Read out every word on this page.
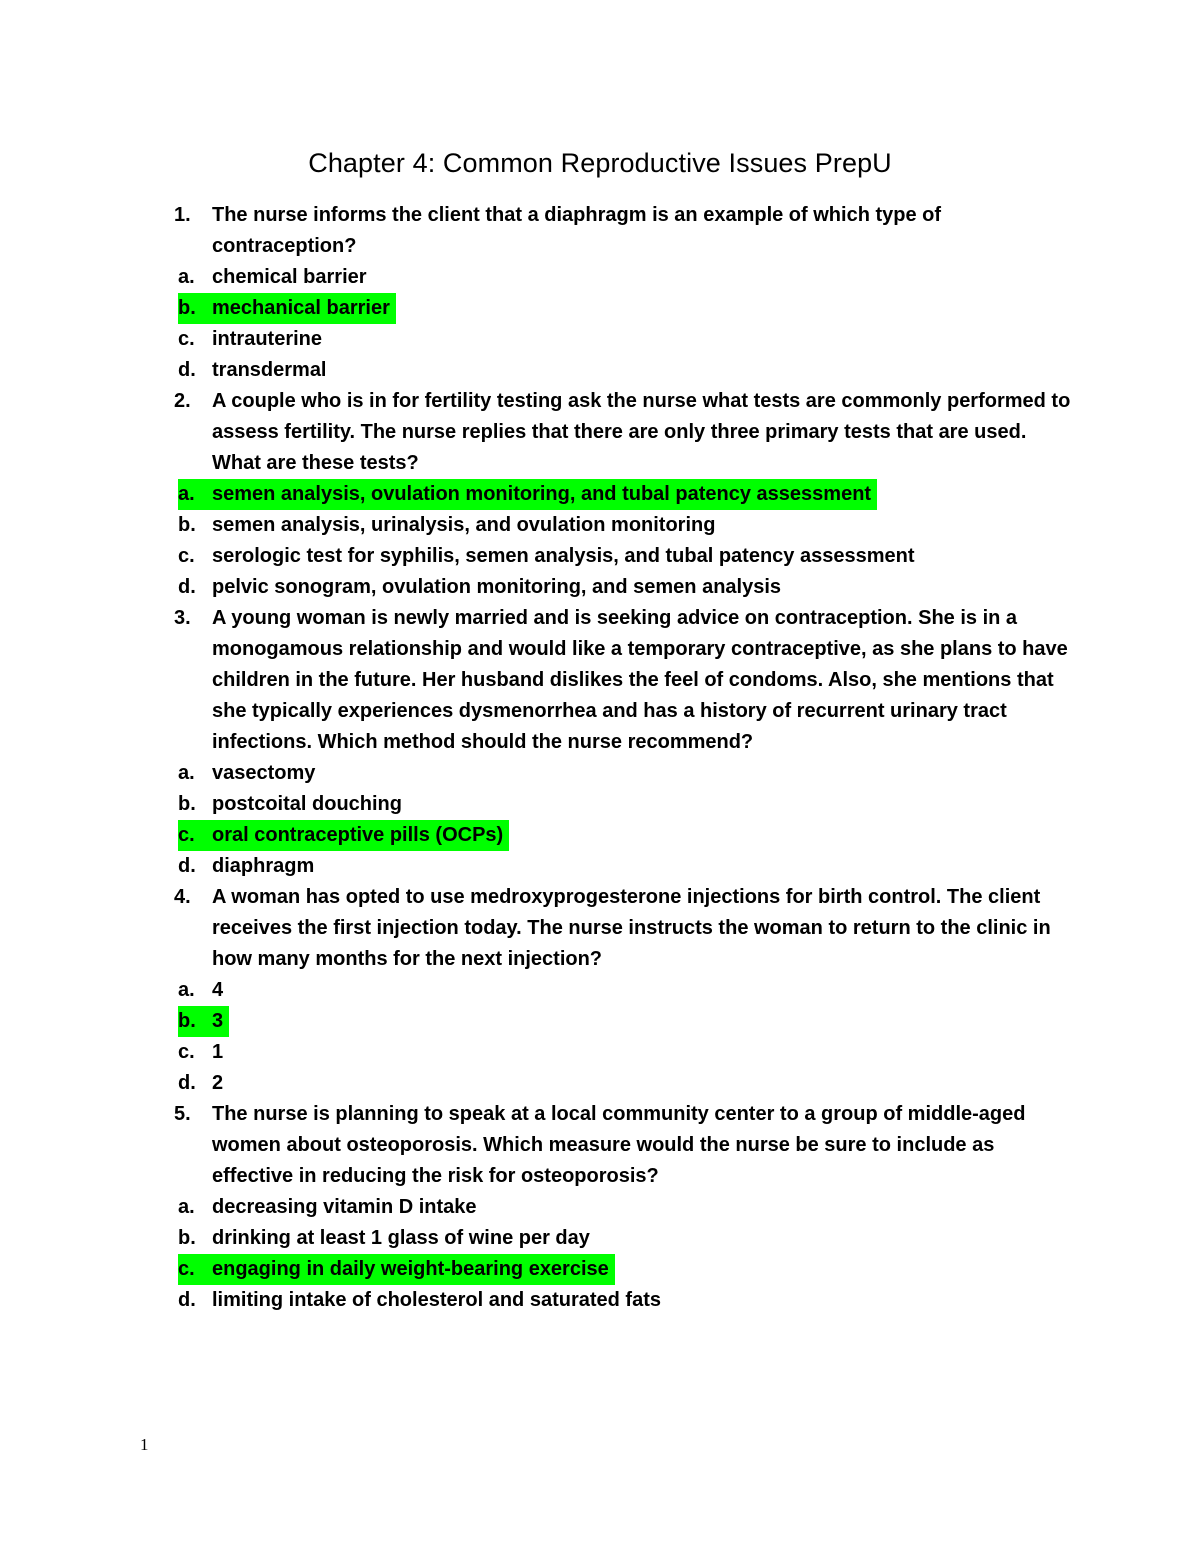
Chapter 4: Common Reproductive Issues PrepU
1. The nurse informs the client that a diaphragm is an example of which type of contraception?

a. chemical barrier
b. mechanical barrier
c. intrauterine
d. transdermal
2. A couple who is in for fertility testing ask the nurse what tests are commonly performed to assess fertility. The nurse replies that there are only three primary tests that are used. What are these tests?

a. semen analysis, ovulation monitoring, and tubal patency assessment
b. semen analysis, urinalysis, and ovulation monitoring
c. serologic test for syphilis, semen analysis, and tubal patency assessment
d. pelvic sonogram, ovulation monitoring, and semen analysis
3. A young woman is newly married and is seeking advice on contraception. She is in a monogamous relationship and would like a temporary contraceptive, as she plans to have children in the future. Her husband dislikes the feel of condoms. Also, she mentions that she typically experiences dysmenorrhea and has a history of recurrent urinary tract infections. Which method should the nurse recommend?

a. vasectomy
b. postcoital douching
c. oral contraceptive pills (OCPs)
d. diaphragm
4. A woman has opted to use medroxyprogesterone injections for birth control. The client receives the first injection today. The nurse instructs the woman to return to the clinic in how many months for the next injection?

a. 4
b. 3
c. 1
d. 2
5. The nurse is planning to speak at a local community center to a group of middle-aged women about osteoporosis. Which measure would the nurse be sure to include as effective in reducing the risk for osteoporosis?

a. decreasing vitamin D intake
b. drinking at least 1 glass of wine per day
c. engaging in daily weight-bearing exercise
d. limiting intake of cholesterol and saturated fats
1
